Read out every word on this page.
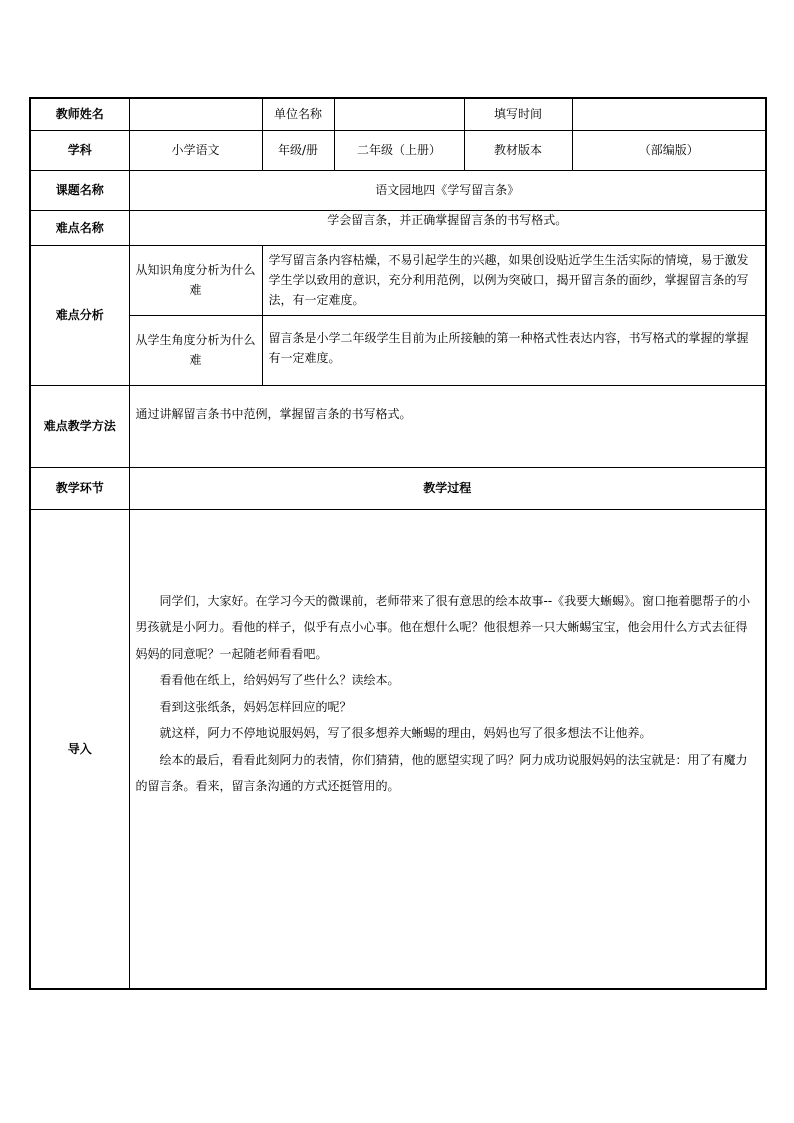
教师姓名		单位名称		填写时间	
学科	小学语文	年级/册	二年级（上册）	教材版本	（部编版）
课题名称	语文园地四《学写留言条》				
难点名称	学会留言条，并正确掌握留言条的书写格式。				
难点分析	从知识角度分析为什么难	学写留言条内容枯燥，不易引起学生的兴趣，如果创设贴近学生生活实际的情境，易于激发学生学以致用的意识，充分利用范例，以例为突破口，揭开留言条的面纱，掌握留言条的写法，有一定难度。			
	从学生角度分析为什么难	留言条是小学二年级学生目前为止所接触的第一种格式性表达内容，书写格式的掌握的掌握有一定难度。			
难点教学方法	通过讲解留言条书中范例，掌握留言条的书写格式。				
教学环节	教学过程				
导入	同学们，大家好。在学习今天的微课前，老师带来了很有意思的绘本故事--《我要大蜥蜴》。窗口拖着腮帮子的小男孩就是小阿力。看他的样子，似乎有点小心事。他在想什么呢？他很想养一只大蜥蜴宝宝，他会用什么方式去征得妈妈的同意呢？一起随老师看看吧。

看看他在纸上，给妈妈写了些什么？读绘本。

看到这张纸条，妈妈怎样回应的呢？

就这样，阿力不停地说服妈妈，写了很多想养大蜥蜴的理由，妈妈也写了很多想法不让他养。

绘本的最后，看看此刻阿力的表情，你们猜猜，他的愿望实现了吗？阿力成功说服妈妈的法宝就是：用了有魔力的留言条。看来，留言条沟通的方式还挺管用的。				
